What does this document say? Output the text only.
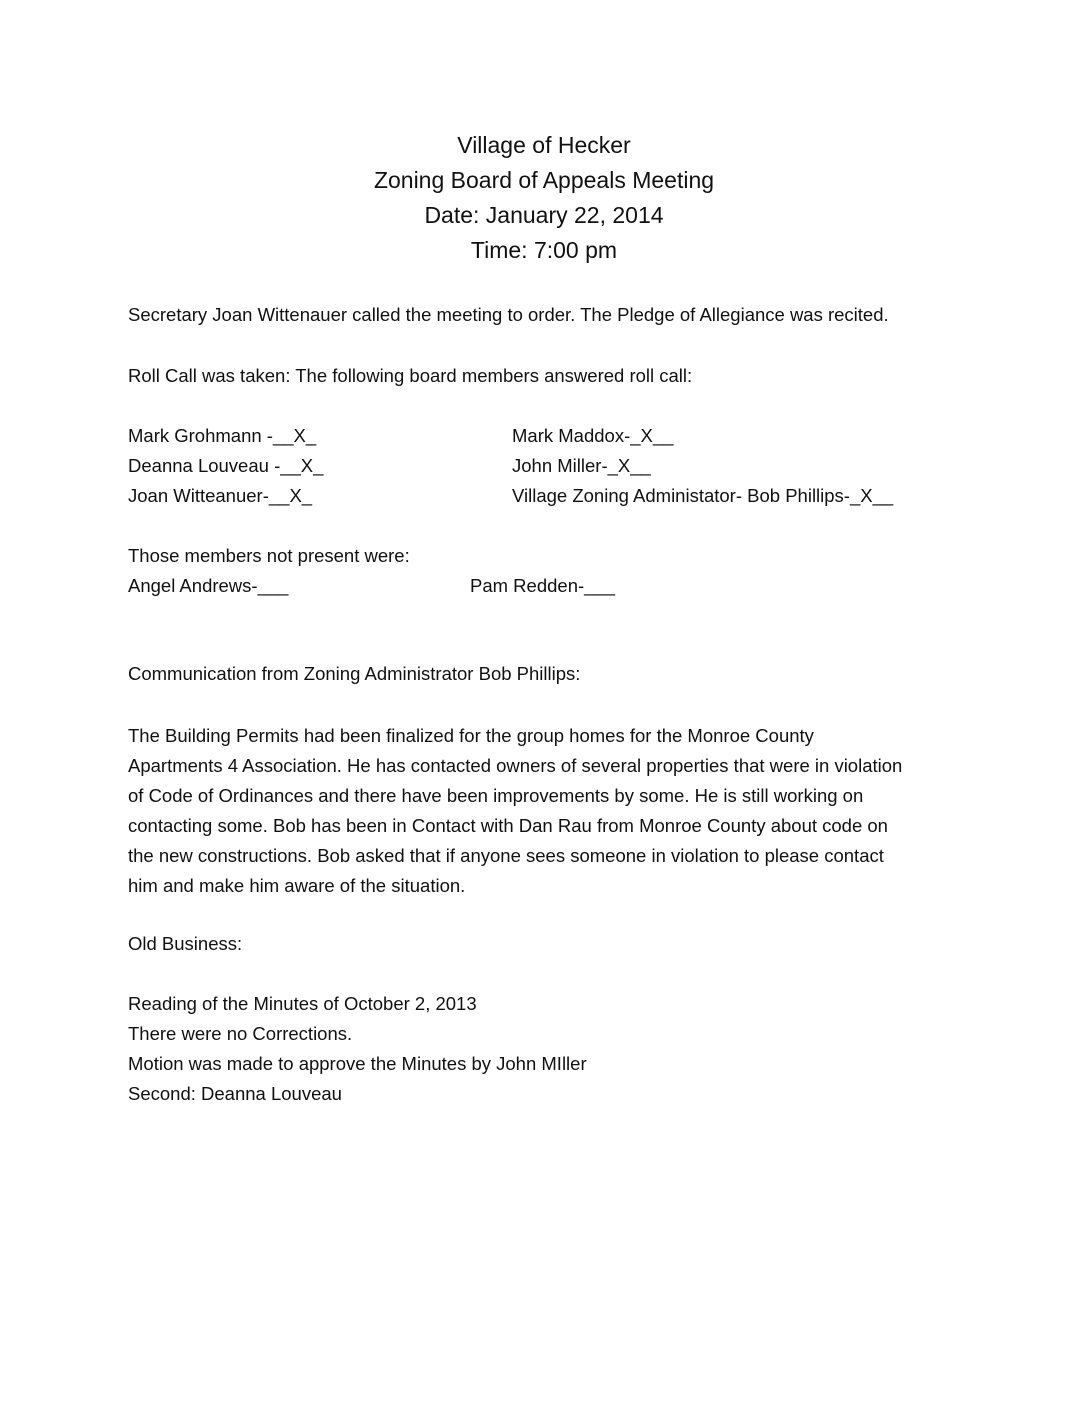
Village of Hecker

Zoning Board of Appeals Meeting

Date: January 22, 2014

Time: 7:00 pm

Secretary Joan Wittenauer called the meeting to order. The Pledge of Allegiance was recited.

Roll Call was taken: The following board members answered roll call:

Mark Grohmann -__X_

Deanna Louveau -__X_

Joan Witteanuer-__X_

Mark Maddox-_X__

John Miller-_X__

Village Zoning Administator- Bob Phillips-_X__

Those members not present were:

Angel Andrews-___	Pam Redden-___

Communication from Zoning Administrator Bob Phillips:

The Building Permits had been finalized for the group homes for the Monroe County
Apartments 4 Association. He has contacted owners of several properties that were in violation
of Code of Ordinances and there have been improvements by some. He is still working on
contacting some. Bob has been in Contact with Dan Rau from Monroe County about code on
the new constructions. Bob asked that if anyone sees someone in violation to please contact
him and make him aware of the situation.

Old Business:

Reading of the Minutes of October 2, 2013
There were no Corrections.
Motion was made to approve the Minutes by John MIller
Second: Deanna Louveau
